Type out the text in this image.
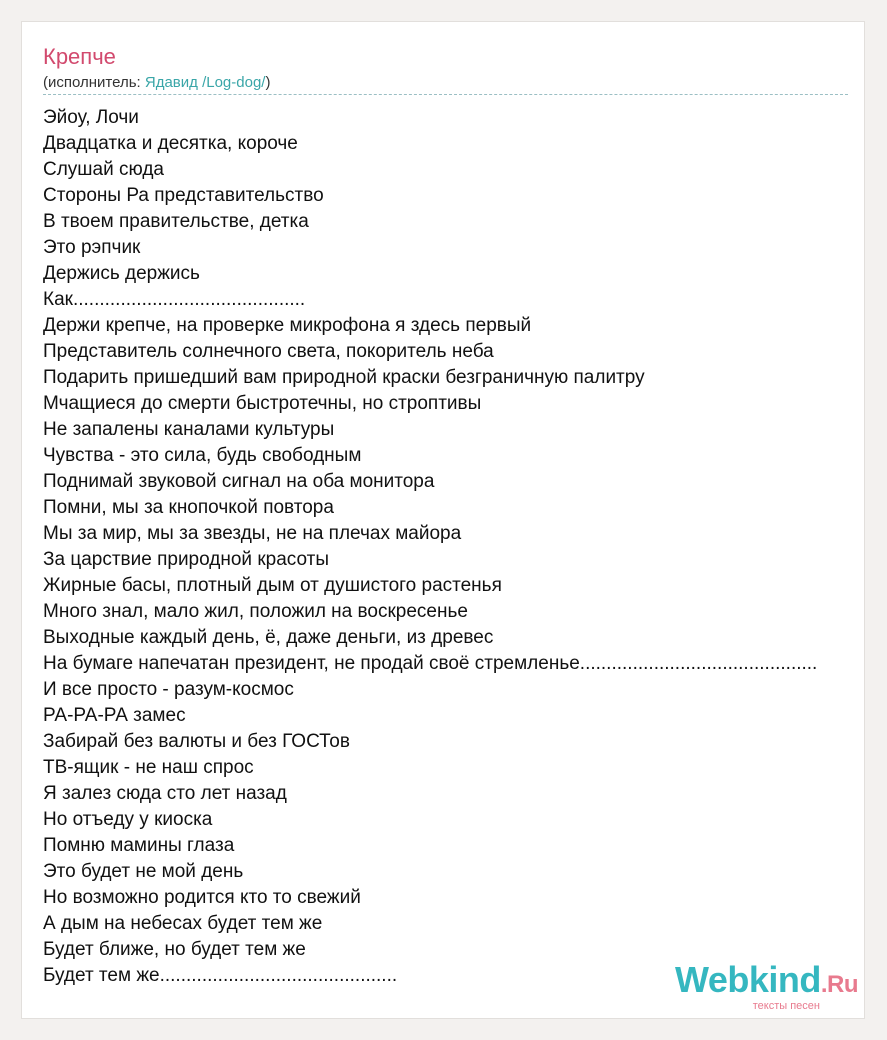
Крепче
(исполнитель: Ядавид /Log-dog/)
Эйоу, Лочи
Двадцатка и десятка, короче
Слушай сюда
Стороны Ра представительство
В твоем правительстве, детка
Это рэпчик
Держись держись
Как............................................
Держи крепче, на проверке микрофона я здесь первый
Представитель солнечного света, покоритель неба
Подарить пришедший вам природной краски безграничную палитру
Мчащиеся до смерти быстротечны, но строптивы
Не запалены каналами культуры
Чувства - это сила, будь свободным
Поднимай звуковой сигнал на оба монитора
Помни, мы за кнопочкой повтора
Мы за мир, мы за звезды, не на плечах майора
За царствие природной красоты
Жирные басы, плотный дым от душистого растенья
Много знал, мало жил, положил на воскресенье
Выходные каждый день, ё, даже деньги, из древес
На бумаге напечатан президент, не продай своё стремленье.............................................
И все просто - разум-космос
РА-РА-РА замес
Забирай без валюты и без ГОСТов
ТВ-ящик - не наш спрос
Я залез сюда сто лет назад
Но отъеду у киоска
Помню мамины глаза
Это будет не мой день
Но возможно родится кто то свежий
А дым на небесах будет тем же
Будет ближе, но будет тем же
Будет тем же.............................................	Webkind.Ru
тексты песен
